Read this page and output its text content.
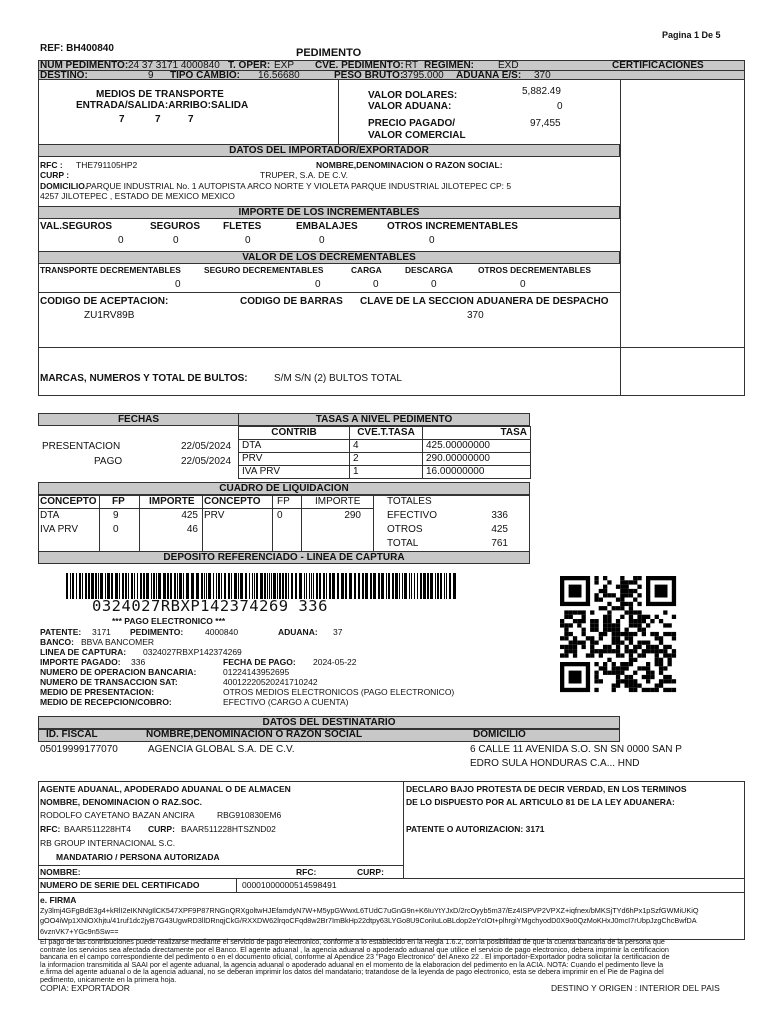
Pagina 1 De 5
REF: BH400840	PEDIMENTO
NUM PEDIMENTO: 24 37 3171 4000840 T. OPER: EXP CVE. PEDIMENTO: RT REGIMEN: EXD	CERTIFICACIONES
DESTINO:	9 TIPO CAMBIO: 16.56680	PESO BRUTO:
3795.000 ADUANA E/S: 370
MEDIOS DE TRANSPORTE
ENTRADA/SALIDA:ARRIBO:SALIDA
7	7	7
VALOR DOLARES:	5,882.49
VALOR ADUANA:	0
PRECIO PAGADO/	97,455
VALOR COMERCIAL
DATOS DEL IMPORTADOR/EXPORTADOR
RFC : THE791105HP2	NOMBRE,DENOMINACION O RAZON SOCIAL:
CURP :	TRUPER, S.A. DE C.V.
DOMICILIO.
PARQUE INDUSTRIAL No. 1 AUTOPISTA ARCO NORTE Y VIOLETA PARQUE INDUSTRIAL JILOTEPEC CP: 5
4257 JILOTEPEC , ESTADO DE MEXICO MEXICO
IMPORTE DE LOS INCREMENTABLES
VAL.SEGUROS	SEGUROS FLETES	EMBALAJES	OTROS INCREMENTABLES
0	0	0	0	0
VALOR DE LOS DECREMENTABLES
TRANSPORTE DECREMENTABLES	SEGURO DECREMENTABLES	CARGA	DESCARGA	OTROS DECREMENTABLES
0	0	0	0	0
CODIGO DE ACEPTACION:
ZU1RV89B
CODIGO DE BARRAS CLAVE DE LA SECCION ADUANERA DE DESPACHO
370
MARCAS, NUMEROS Y TOTAL DE BULTOS:	S/M S/N (2) BULTOS TOTAL
FECHAS	TASAS A NIVEL PEDIMENTO
PRESENTACION	22/05/2024
PAGO	22/05/2024
CONTRIB	CVE.T.TASA	TASA
DTA	4	425.00000000
PRV	2	290.00000000
IVA PRV	1	16.00000000
CUADRO DE LIQUIDACION
CONCEPTO FP IMPORTE CONCEPTO FP	IMPORTE	TOTALES
DTA	9	425
IVA PRV	0	46
PRV	0	290	EFECTIVO	336
OTROS	425
TOTAL	761
DEPOSITO REFERENCIADO - LINEA DE CAPTURA
0324027RBXP142374269 336
*** PAGO ELECTRONICO ***
PATENTE: 3171 PEDIMENTO:	4000840	ADUANA: 37
BANCO: BBVA BANCOMER
LINEA DE CAPTURA: 0324027RBXP142374269
IMPORTE PAGADO: 336	FECHA DE PAGO: 2024-05-22
NUMERO DE OPERACION BANCARIA:	01224143952695
NUMERO DE TRANSACCION SAT:	40012220520241710242
MEDIO DE PRESENTACION:	OTROS MEDIOS ELECTRONICOS (PAGO ELECTRONICO)
MEDIO DE RECEPCION/COBRO:	EFECTIVO (CARGO A CUENTA)
DATOS DEL DESTINATARIO
ID. FISCAL	NOMBRE,DENOMINACION O RAZON SOCIAL	DOMICILIO
05019999177070	AGENCIA GLOBAL S.A. DE C.V.	6 CALLE 11 AVENIDA S.O. SN SN 0000 SAN P
EDRO SULA HONDURAS C.A... HND
AGENTE ADUANAL, APODERADO ADUANAL O DE ALMACEN
NOMBRE, DENOMINACION O RAZ.SOC.
RODOLFO CAYETANO BAZAN ANCIRA	RBG910830EM6
RFC: BAAR511228HT4 CURP: BAAR511228HTSZND02
RB GROUP INTERNACIONAL S.C.
MANDATARIO / PERSONA AUTORIZADA
NOMBRE:	RFC:	CURP:
NUMERO DE SERIE DEL CERTIFICADO	00001000000514598491
DECLARO BAJO PROTESTA DE DECIR VERDAD, EN LOS TERMINOS
DE LO DISPUESTO POR AL ARTICULO 81 DE LA LEY ADUANERA:
PATENTE O AUTORIZACION: 3171
e. FIRMA
Zy3lmj4GFgBdE3g4+kRlI2eIKNNgIlCK547XPF9P87RNGnQRXgoltwHJEfamdyN7W+M5ypGWwxL6TUdC7uGnG9n+K6IuYtYJxD/2rcOyyb5m37/Ez4ISPVP2VPXZ+iqfnex/bMKSjTYd6hPx1pSzfGWMiUKiQ
gOO4iWp1XNlOXhjtu/41ruf1dc2jyB7G43UgwRD3llDRnqjCkG/RXXDW62lrqoCFqd8w2Br7ImBkHp22dtpy63LYGo8U9CoriIuLoBLdop2eYcIOt+plhrgiYMgchyodD0X9o0QzMoKHxJ0mcI7rUbpJzgChcBwfDA
6vznVK7+YGc9n5Sw==
El pago de las contribuciones puede realizarse mediante el servicio de pago electronico, conforme a lo establecido en la Regla 1.6.2, con la posibilidad de que la cuenta bancaria de la persona que
contrate los servicios sea afectada directamente por el Banco. El agente aduanal , la agencia aduanal o apoderado aduanal que utilice el servicio de pago electronico, debera imprimir la certificacion
bancaria en el campo correspondiente del pedimento o en el documento oficial, conforme al Apendice 23 "Pago Electronico" del Anexo 22 . El importador-Exportador podra solicitar la certificacion de
la informacion transmitida al SAAI por el agente aduanal, la agencia aduanal o apoderado aduanal en el momento de la elaboracion del pedimento en la ACIA. NOTA: Cuando el pedimento lleve la
e.firma del agente aduanal o de la agencia aduanal, no se deberan imprimir los datos del mandatario; tratandose de la leyenda de pago electronico, esta se debera imprimir en el Pie de Pagina del
pedimento, unicamente en la primera hoja.
COPIA: EXPORTADOR	DESTINO Y ORIGEN : INTERIOR DEL PAIS
